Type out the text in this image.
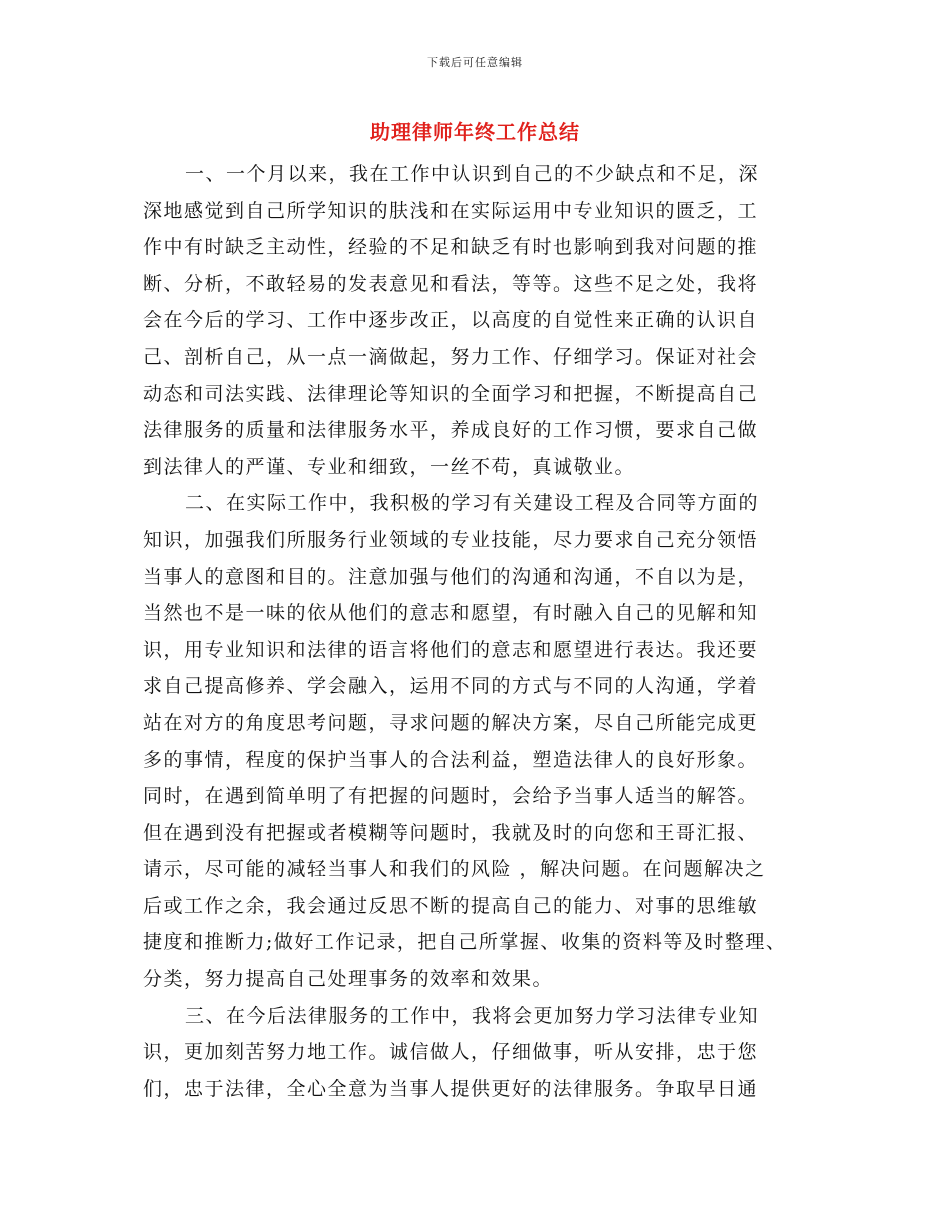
下载后可任意编辑
助理律师年终工作总结
一、一个月以来，我在工作中认识到自己的不少缺点和不足，深
深地感觉到自己所学知识的肤浅和在实际运用中专业知识的匮乏，工
作中有时缺乏主动性，经验的不足和缺乏有时也影响到我对问题的推
断、分析，不敢轻易的发表意见和看法，等等。这些不足之处，我将
会在今后的学习、工作中逐步改正，以高度的自觉性来正确的认识自
己、剖析自己，从一点一滴做起，努力工作、仔细学习。保证对社会
动态和司法实践、法律理论等知识的全面学习和把握，不断提高自己
法律服务的质量和法律服务水平，养成良好的工作习惯，要求自己做
到法律人的严谨、专业和细致，一丝不苟，真诚敬业。
二、在实际工作中，我积极的学习有关建设工程及合同等方面的
知识，加强我们所服务行业领域的专业技能，尽力要求自己充分领悟
当事人的意图和目的。注意加强与他们的沟通和沟通，不自以为是，
当然也不是一味的依从他们的意志和愿望，有时融入自己的见解和知
识，用专业知识和法律的语言将他们的意志和愿望进行表达。我还要
求自己提高修养、学会融入，运用不同的方式与不同的人沟通，学着
站在对方的角度思考问题，寻求问题的解决方案，尽自己所能完成更
多的事情，程度的保护当事人的合法利益，塑造法律人的良好形象。
同时，在遇到简单明了有把握的问题时，会给予当事人适当的解答。
但在遇到没有把握或者模糊等问题时，我就及时的向您和王哥汇报、
请示，尽可能的减轻当事人和我们的风险 ，解决问题。在问题解决之
后或工作之余，我会通过反思不断的提高自己的能力、对事的思维敏
捷度和推断力;做好工作记录，把自己所掌握、收集的资料等及时整理、
分类，努力提高自己处理事务的效率和效果。
三、在今后法律服务的工作中，我将会更加努力学习法律专业知
识，更加刻苦努力地工作。诚信做人，仔细做事，听从安排，忠于您
们，忠于法律，全心全意为当事人提供更好的法律服务。争取早日通
